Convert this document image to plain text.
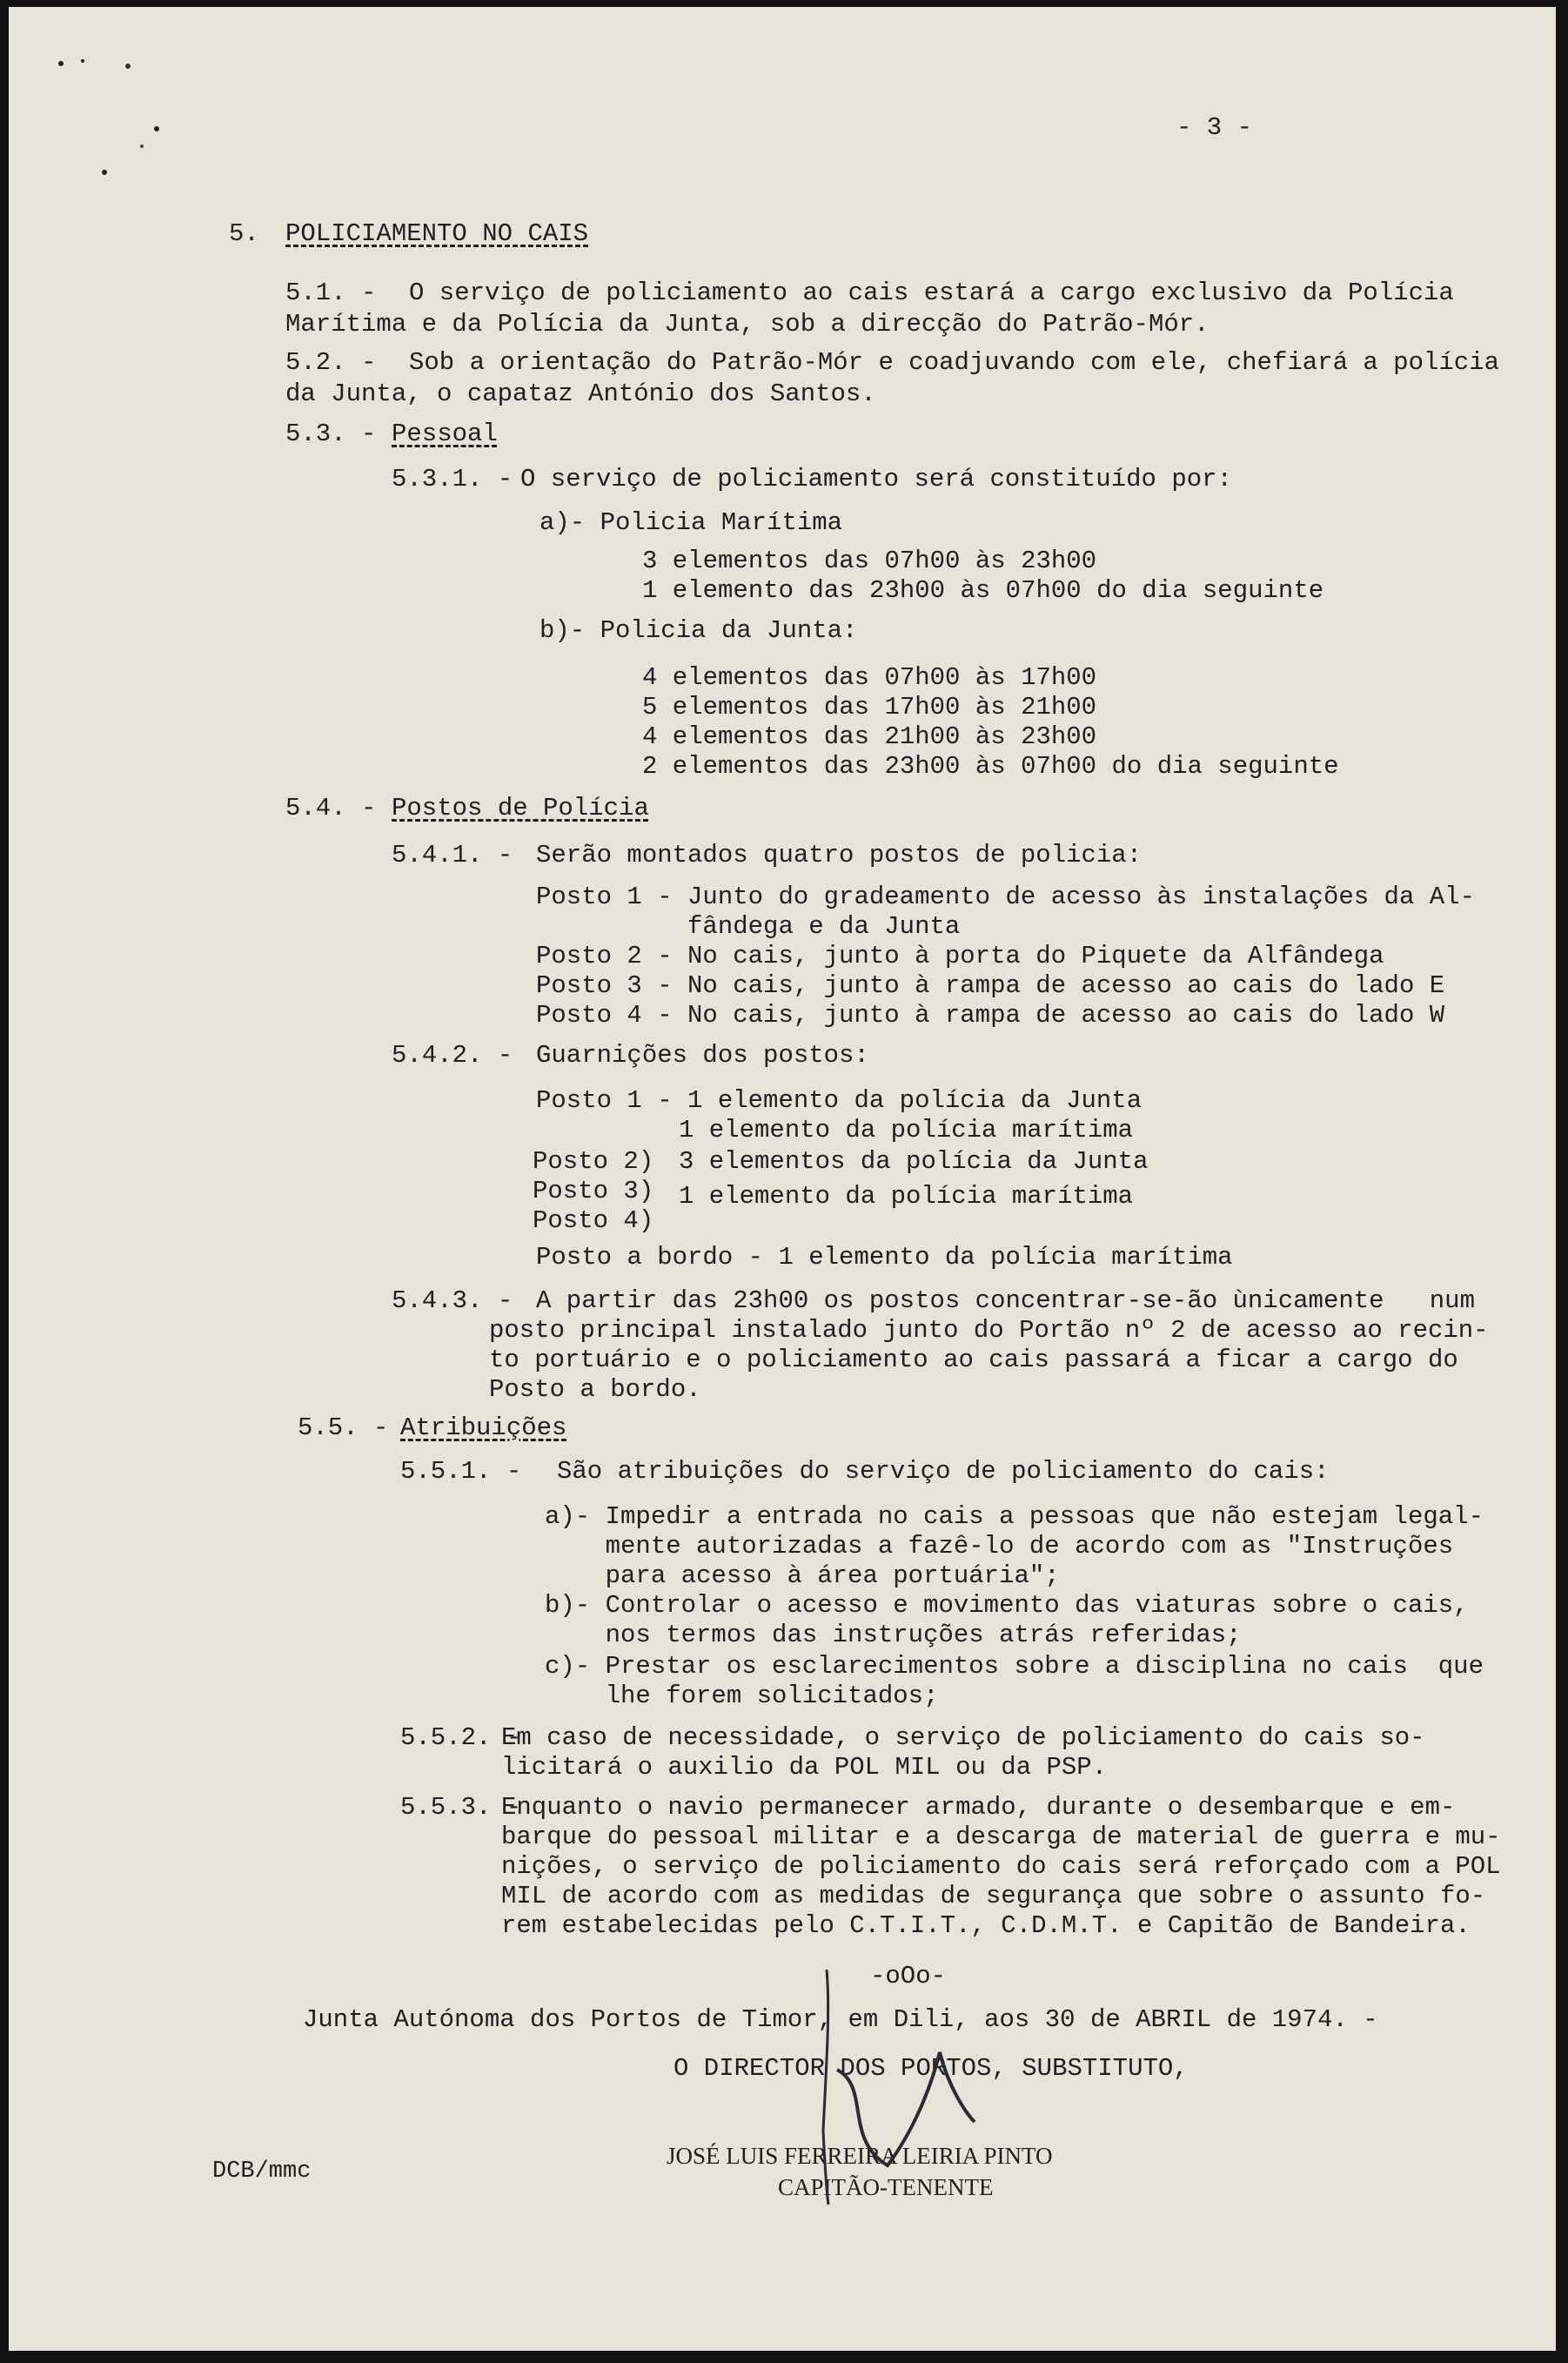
- 3 -
5. POLICIAMENTO NO CAIS
5.1. - O serviço de policiamento ao cais estará a cargo exclusivo da Polícia
Marítima e da Polícia da Junta, sob a direcção do Patrão-Mór.
5.2. - Sob a orientação do Patrão-Mór e coadjuvando com ele, chefiará a polícia
da Junta, o capataz António dos Santos.
5.3. - Pessoal
5.3.1. - O serviço de policiamento será constituído por:
a)- Policia Marítima
3 elementos das 07h00 às 23h00
1 elemento das 23h00 às 07h00 do dia seguinte
b)- Policia da Junta:
4 elementos das 07h00 às 17h00
5 elementos das 17h00 às 21h00
4 elementos das 21h00 às 23h00
2 elementos das 23h00 às 07h00 do dia seguinte
5.4. - Postos de Polícia
5.4.1. - Serão montados quatro postos de policia:
Posto 1 - Junto do gradeamento de acesso às instalações da Al-
fândega e da Junta
Posto 2 - No cais, junto à porta do Piquete da Alfândega
Posto 3 - No cais, junto à rampa de acesso ao cais do lado E
Posto 4 - No cais, junto à rampa de acesso ao cais do lado W
5.4.2. - Guarnições dos postos:
Posto 1 - 1 elemento da polícia da Junta
1 elemento da polícia marítima
Posto 2)
Posto 3)
Posto 4)
3 elementos da polícia da Junta
1 elemento da polícia marítima
Posto a bordo - 1 elemento da polícia marítima
5.4.3. - A partir das 23h00 os postos concentrar-se-ão ùnicamente   num
posto principal instalado junto do Portão nº 2 de acesso ao recin-
to portuário e o policiamento ao cais passará a ficar a cargo do
Posto a bordo.
5.5. - Atribuições
5.5.1. - São atribuições do serviço de policiamento do cais:
a)- Impedir a entrada no cais a pessoas que não estejam legal-
mente autorizadas a fazê-lo de acordo com as "Instruções
para acesso à área portuária";
b)- Controlar o acesso e movimento das viaturas sobre o cais,
nos termos das instruções atrás referidas;
c)- Prestar os esclarecimentos sobre a disciplina no cais  que
lhe forem solicitados;
5.5.2. -
Em caso de necessidade, o serviço de policiamento do cais so-
licitará o auxilio da POL MIL ou da PSP.
5.5.3. -
Enquanto o navio permanecer armado, durante o desembarque e em-
barque do pessoal militar e a descarga de material de guerra e mu-
nições, o serviço de policiamento do cais será reforçado com a POL
MIL de acordo com as medidas de segurança que sobre o assunto fo-
rem estabelecidas pelo C.T.I.T., C.D.M.T. e Capitão de Bandeira.
-oOo-
Junta Autónoma dos Portos de Timor, em Dili, aos 30 de ABRIL de 1974. -
O DIRECTOR DOS PORTOS, SUBSTITUTO,
DCB/mmc
JOSÉ LUIS FERREIRA LEIRIA PINTO
CAPITÃO-TENENTE
